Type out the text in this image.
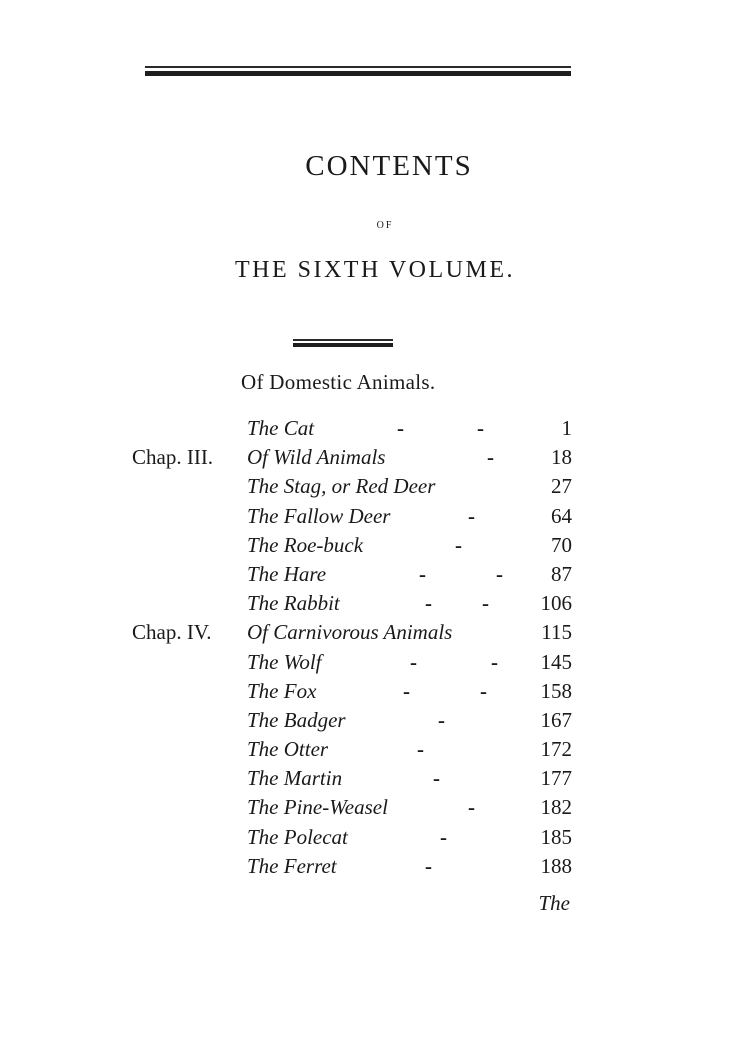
CONTENTS
OF
THE SIXTH VOLUME.
Of Domestic Animals.
The Cat	-	-	1
Chap. III. Of Wild Animals	-	18
The Stag, or Red Deer	27
The Fallow Deer	-	64
The Roe-buck	-	70
The Hare	-	- 87
The Rabbit	- - 106
Chap. IV. Of Carnivorous Animals	115
The Wolf	-	- 145
The Fox	-	-	158
The Badger	-	167
The Otter	-	172
The Martin	-	177
The Pine-Weasel	-	182
The Polecat	-	185
The Ferret	-	188
The
